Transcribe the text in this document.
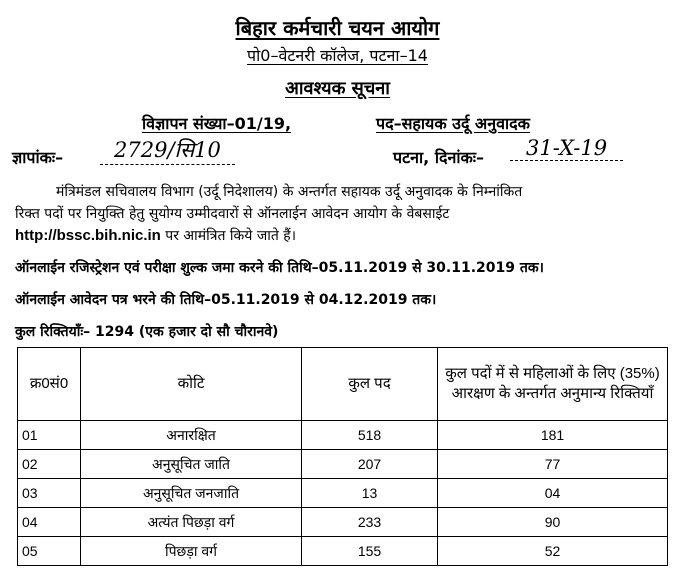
बिहार कर्मचारी चयन आयोग
पो0–वेटनरी कॉलेज, पटना–14
आवश्यक सूचना
विज्ञापन संख्या–01/19,	पद–सहायक उर्दू अनुवादक
ज्ञापांकः–	2729/सि10	पटना, दिनांकः–	31-X-19
मंत्रिमंडल सचिवालय विभाग (उर्दू निदेशालय) के अन्तर्गत सहायक उर्दू अनुवादक के निम्नांकित
रिक्त पदों पर नियुक्ति हेतु सुयोग्य उम्मीदवारों से ऑनलाईन आवेदन आयोग के वेबसाईट
http://bssc.bih.nic.in पर आमंत्रित किये जाते हैं।
ऑनलाईन रजिस्ट्रेशन एवं परीक्षा शुल्क जमा करने की तिथि–05.11.2019 से 30.11.2019 तक।
ऑनलाईन आवेदन पत्र भरने की तिथि–05.11.2019 से 04.12.2019 तक।
कुल रिक्तियाँः– 1294 (एक हजार दो सौ चौरानवे)
क्र0सं0	कोटि	कुल पद	कुल पदों में से महिलाओं के लिए (35%) आरक्षण के अन्तर्गत अनुमान्य रिक्तियाँ
01	अनारक्षित	518	181
02	अनुसूचित जाति	207	77
03	अनुसूचित जनजाति	13	04
04	अत्यंत पिछड़ा वर्ग	233	90
05	पिछड़ा वर्ग	155	52
